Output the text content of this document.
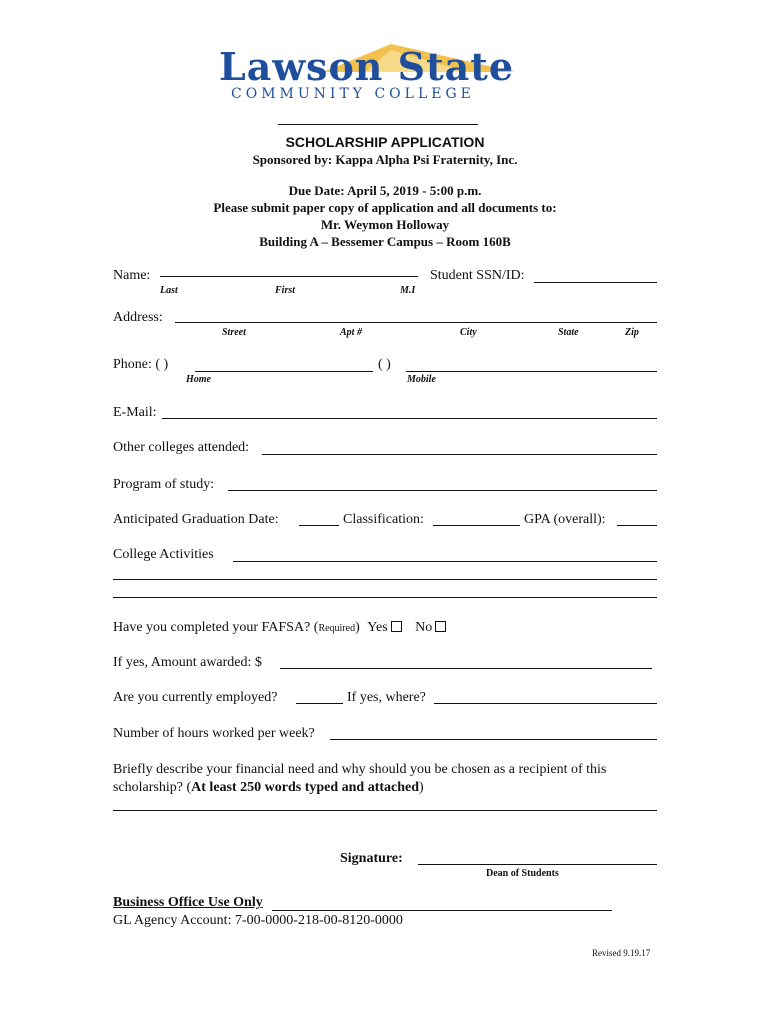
Lawson State
COMMUNITY COLLEGE
SCHOLARSHIP APPLICATION
Sponsored by: Kappa Alpha Psi Fraternity, Inc.
Due Date: April 5, 2019 - 5:00 p.m.
Please submit paper copy of application and all documents to:
Mr. Weymon Holloway
Building A – Bessemer Campus – Room 160B
Name:
Last	First	M.I
Student SSN/ID:
Address:
Street	Apt #	City	State	Zip
Phone: ( )	( )
Home	Mobile
E-Mail:
Other colleges attended:
Program of study:
Anticipated Graduation Date:	Classification:	GPA (overall):
College Activities
Have you completed your FAFSA? (Required) Yes No
If yes, Amount awarded: $
Are you currently employed?	If yes, where?
Number of hours worked per week?
Briefly describe your financial need and why should you be chosen as a recipient of this
scholarship? (At least 250 words typed and attached)
Signature:
Dean of Students
Business Office Use Only
GL Agency Account: 7-00-0000-218-00-8120-0000
Revised 9.19.17
